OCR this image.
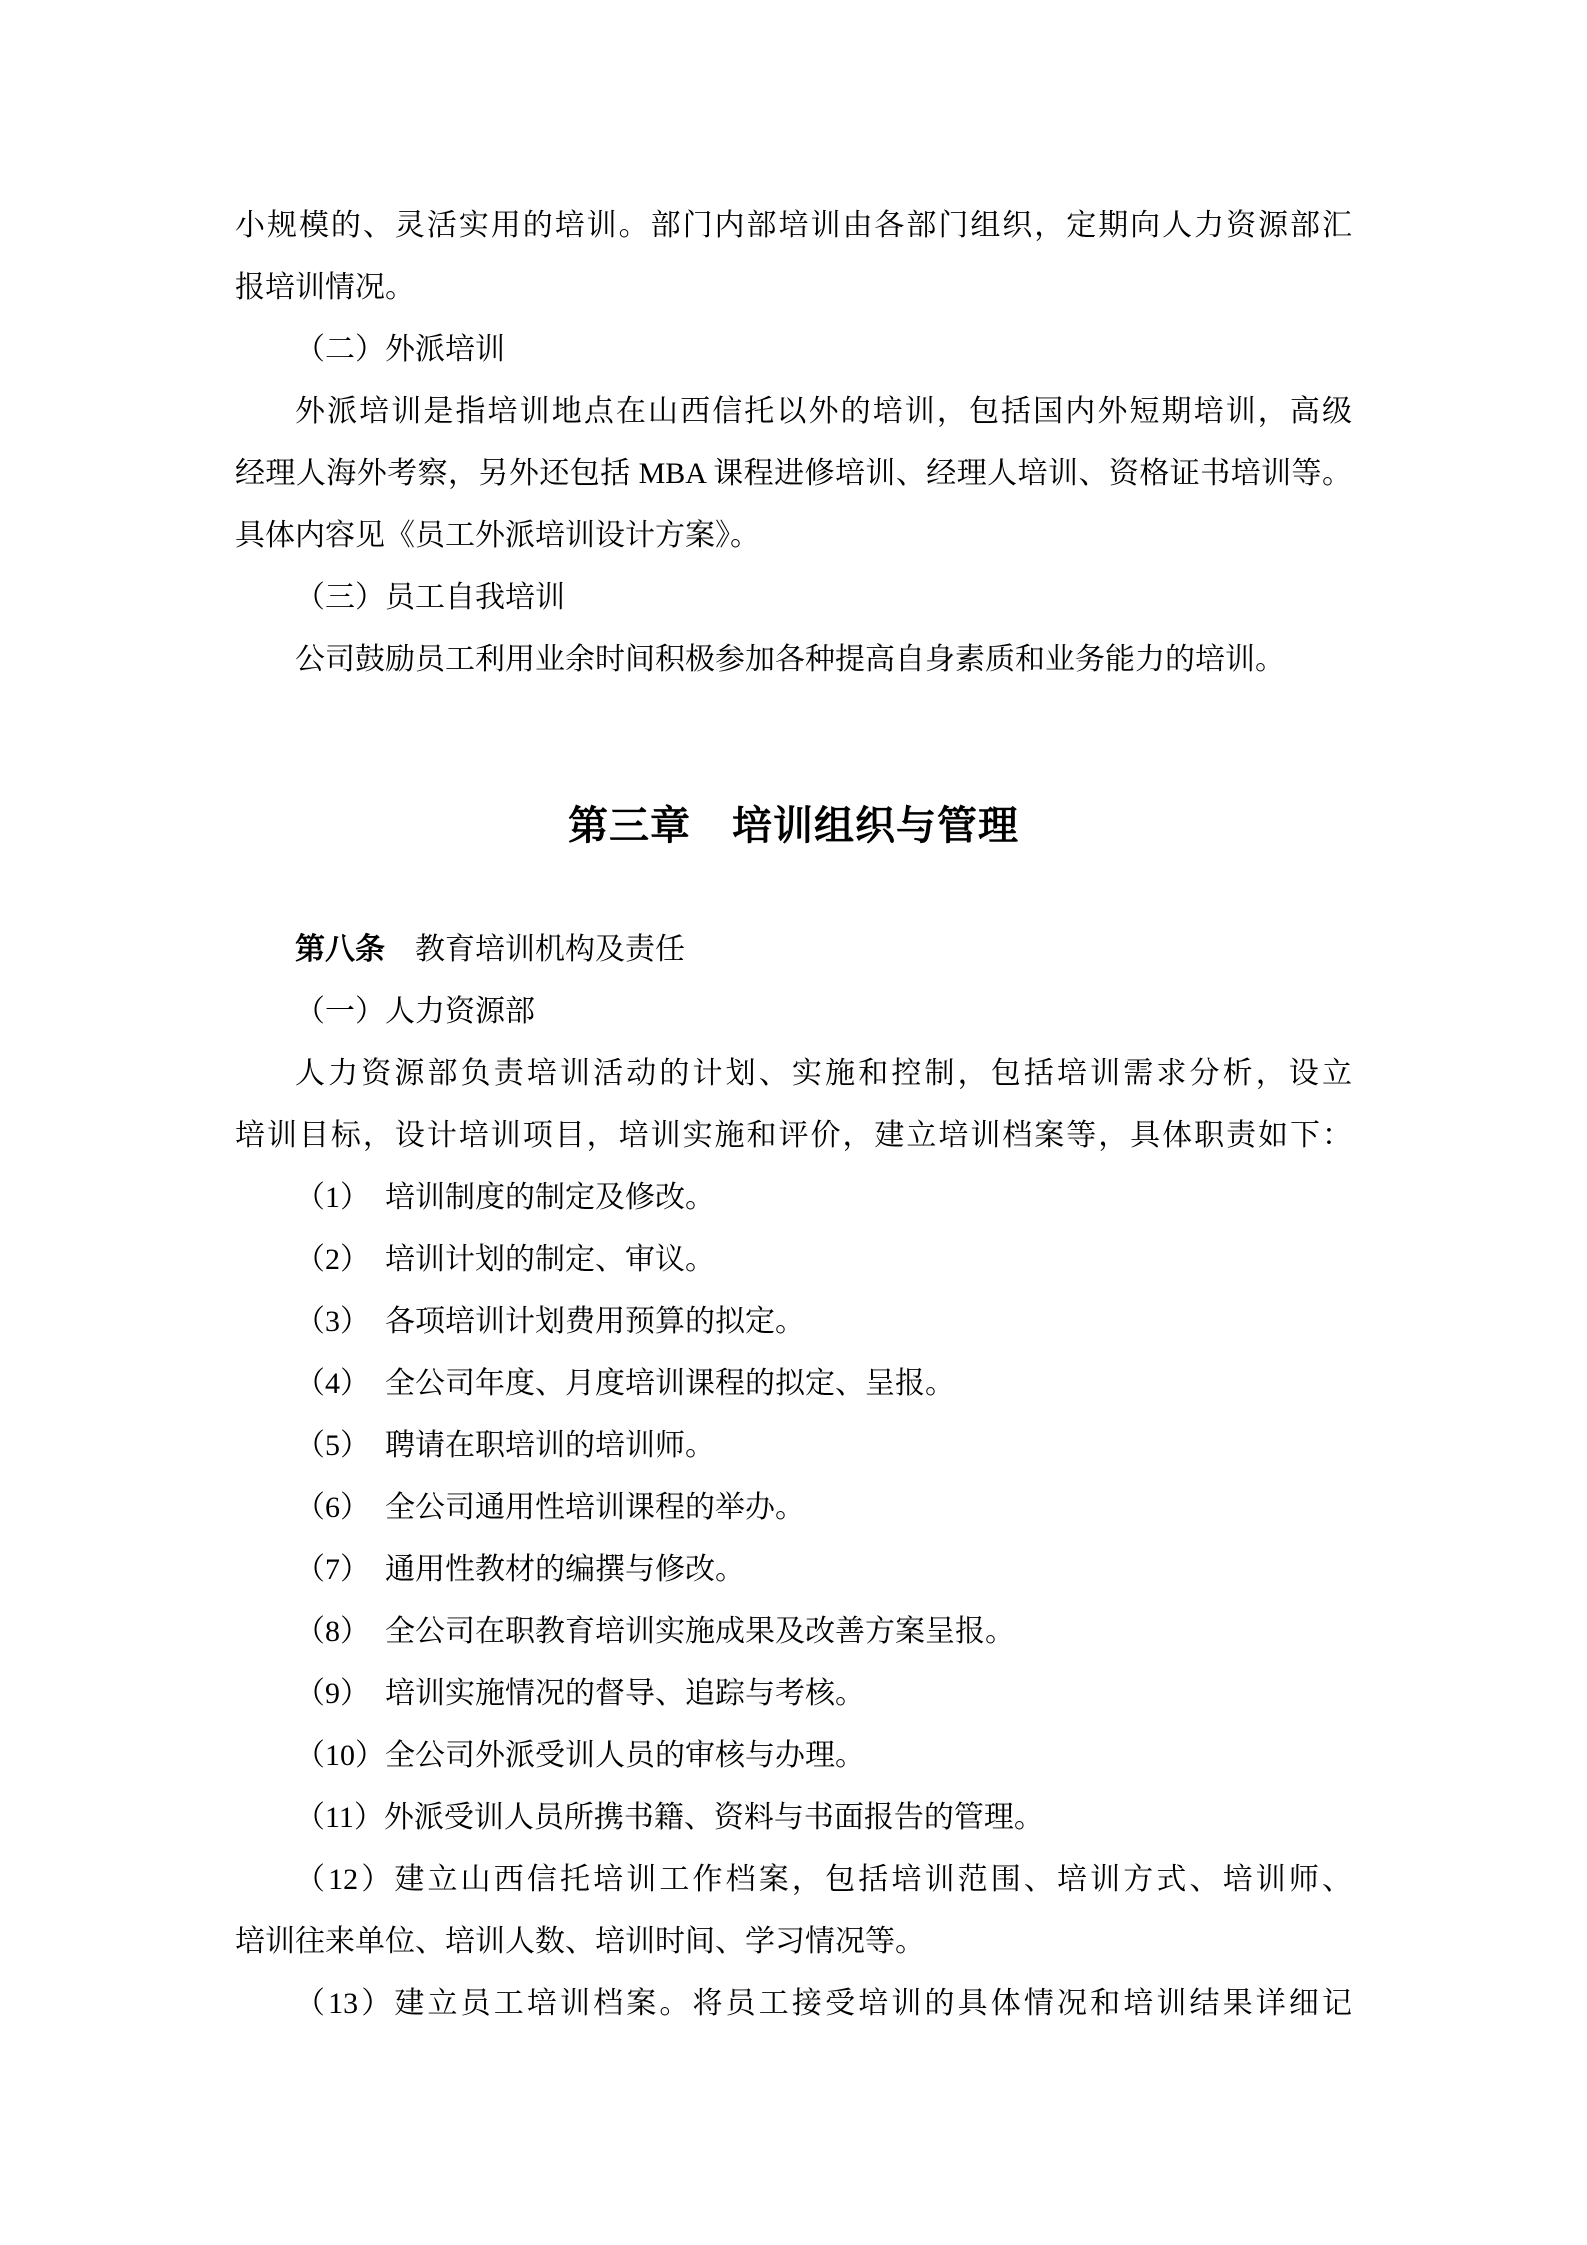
小规模的、灵活实用的培训。部门内部培训由各部门组织，定期向人力资源部汇
报培训情况。
（二）外派培训
外派培训是指培训地点在山西信托以外的培训，包括国内外短期培训，高级
经理人海外考察，另外还包括 MBA 课程进修培训、经理人培训、资格证书培训等。
具体内容见《员工外派培训设计方案》。
（三）员工自我培训
公司鼓励员工利用业余时间积极参加各种提高自身素质和业务能力的培训。
第三章　培训组织与管理
第八条　教育培训机构及责任
（一）人力资源部
人力资源部负责培训活动的计划、实施和控制，包括培训需求分析，设立
培训目标，设计培训项目，培训实施和评价，建立培训档案等，具体职责如下：
（1）　培训制度的制定及修改。
（2）　培训计划的制定、审议。
（3）　各项培训计划费用预算的拟定。
（4）　全公司年度、月度培训课程的拟定、呈报。
（5）　聘请在职培训的培训师。
（6）　全公司通用性培训课程的举办。
（7）　通用性教材的编撰与修改。
（8）　全公司在职教育培训实施成果及改善方案呈报。
（9）　培训实施情况的督导、追踪与考核。
（10）全公司外派受训人员的审核与办理。
（11）外派受训人员所携书籍、资料与书面报告的管理。
（12）建立山西信托培训工作档案，包括培训范围、培训方式、培训师、
培训往来单位、培训人数、培训时间、学习情况等。
（13）建立员工培训档案。将员工接受培训的具体情况和培训结果详细记
